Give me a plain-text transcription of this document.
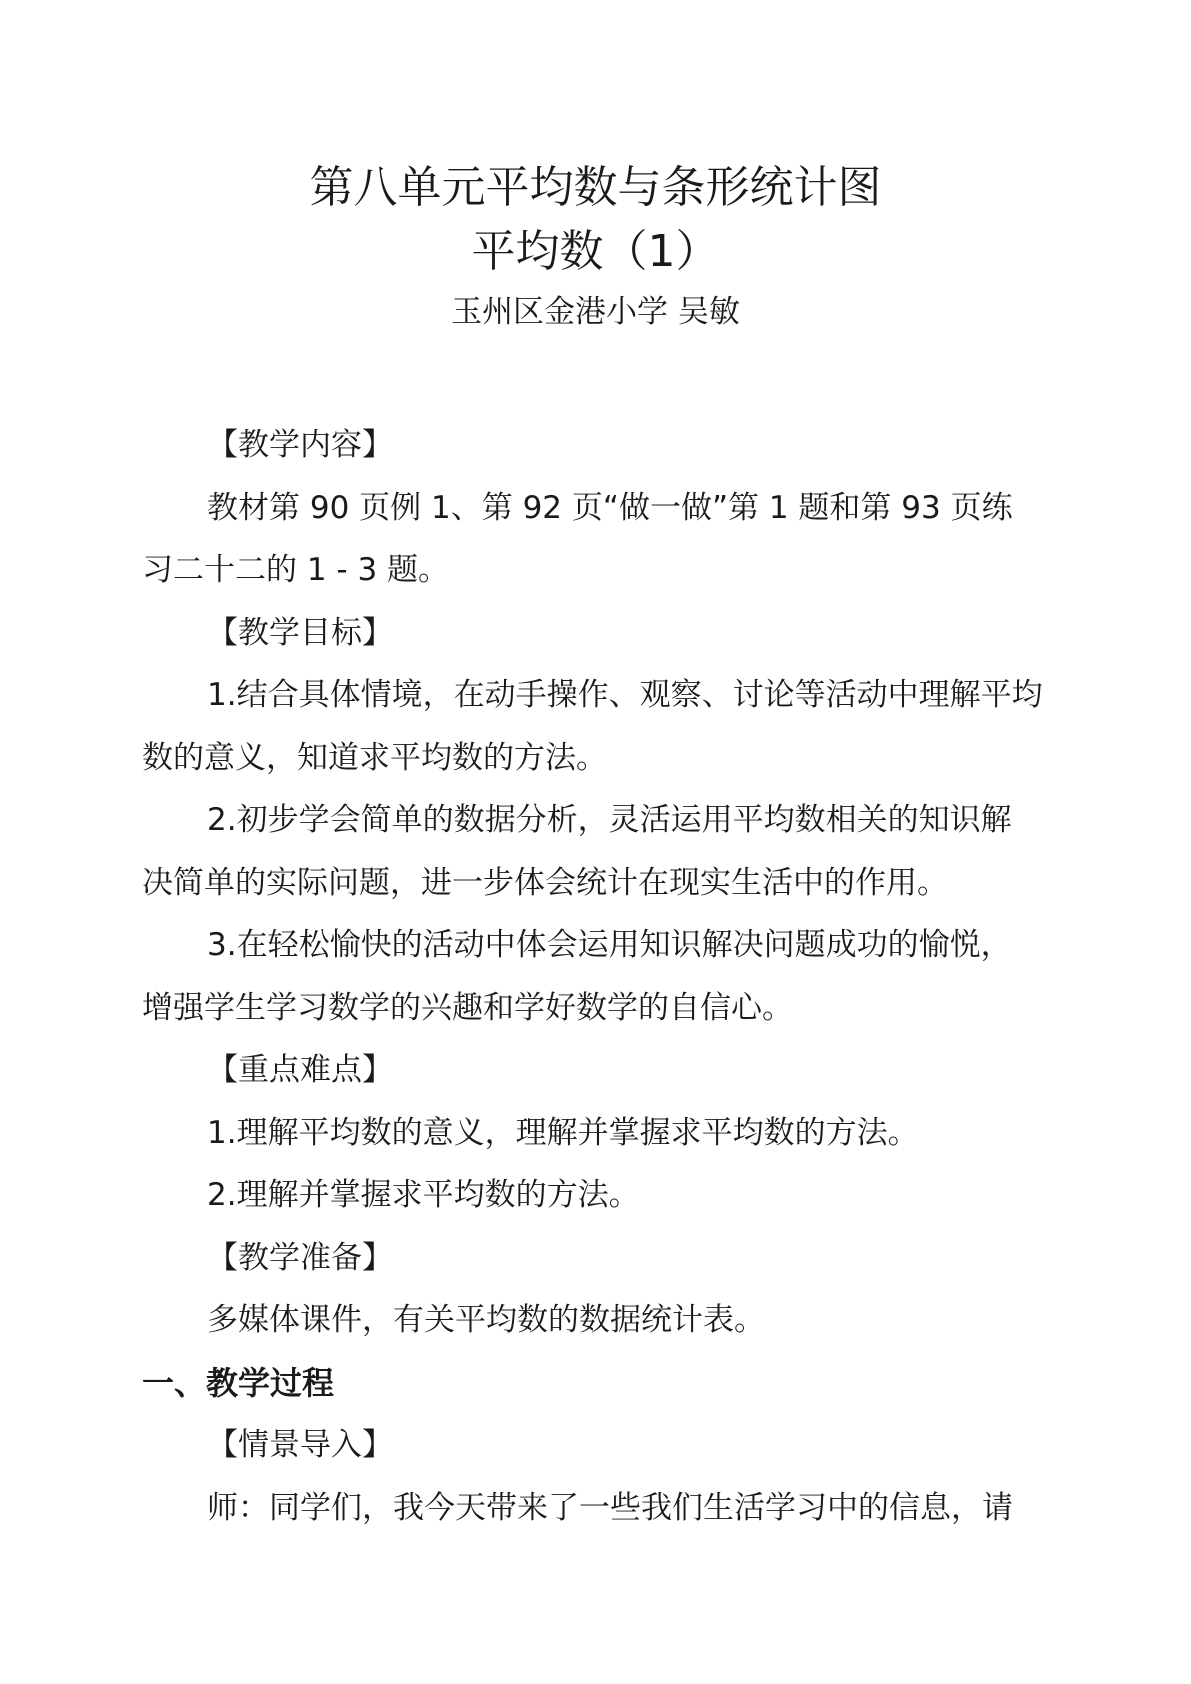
第八单元平均数与条形统计图
平均数（1）
玉州区金港小学 吴敏

【教学内容】

教材第 90 页例 1、第 92 页“做一做”第 1 题和第 93 页练

习二十二的 1 - 3 题。

【教学目标】

1.结合具体情境，在动手操作、观察、讨论等活动中理解平均

数的意义，知道求平均数的方法。

2.初步学会简单的数据分析，灵活运用平均数相关的知识解

决简单的实际问题，进一步体会统计在现实生活中的作用。

3.在轻松愉快的活动中体会运用知识解决问题成功的愉悦，

增强学生学习数学的兴趣和学好数学的自信心。

【重点难点】

1.理解平均数的意义，理解并掌握求平均数的方法。

2.理解并掌握求平均数的方法。

【教学准备】

多媒体课件，有关平均数的数据统计表。

一、教学过程

【情景导入】

师：同学们，我今天带来了一些我们生活学习中的信息，请
